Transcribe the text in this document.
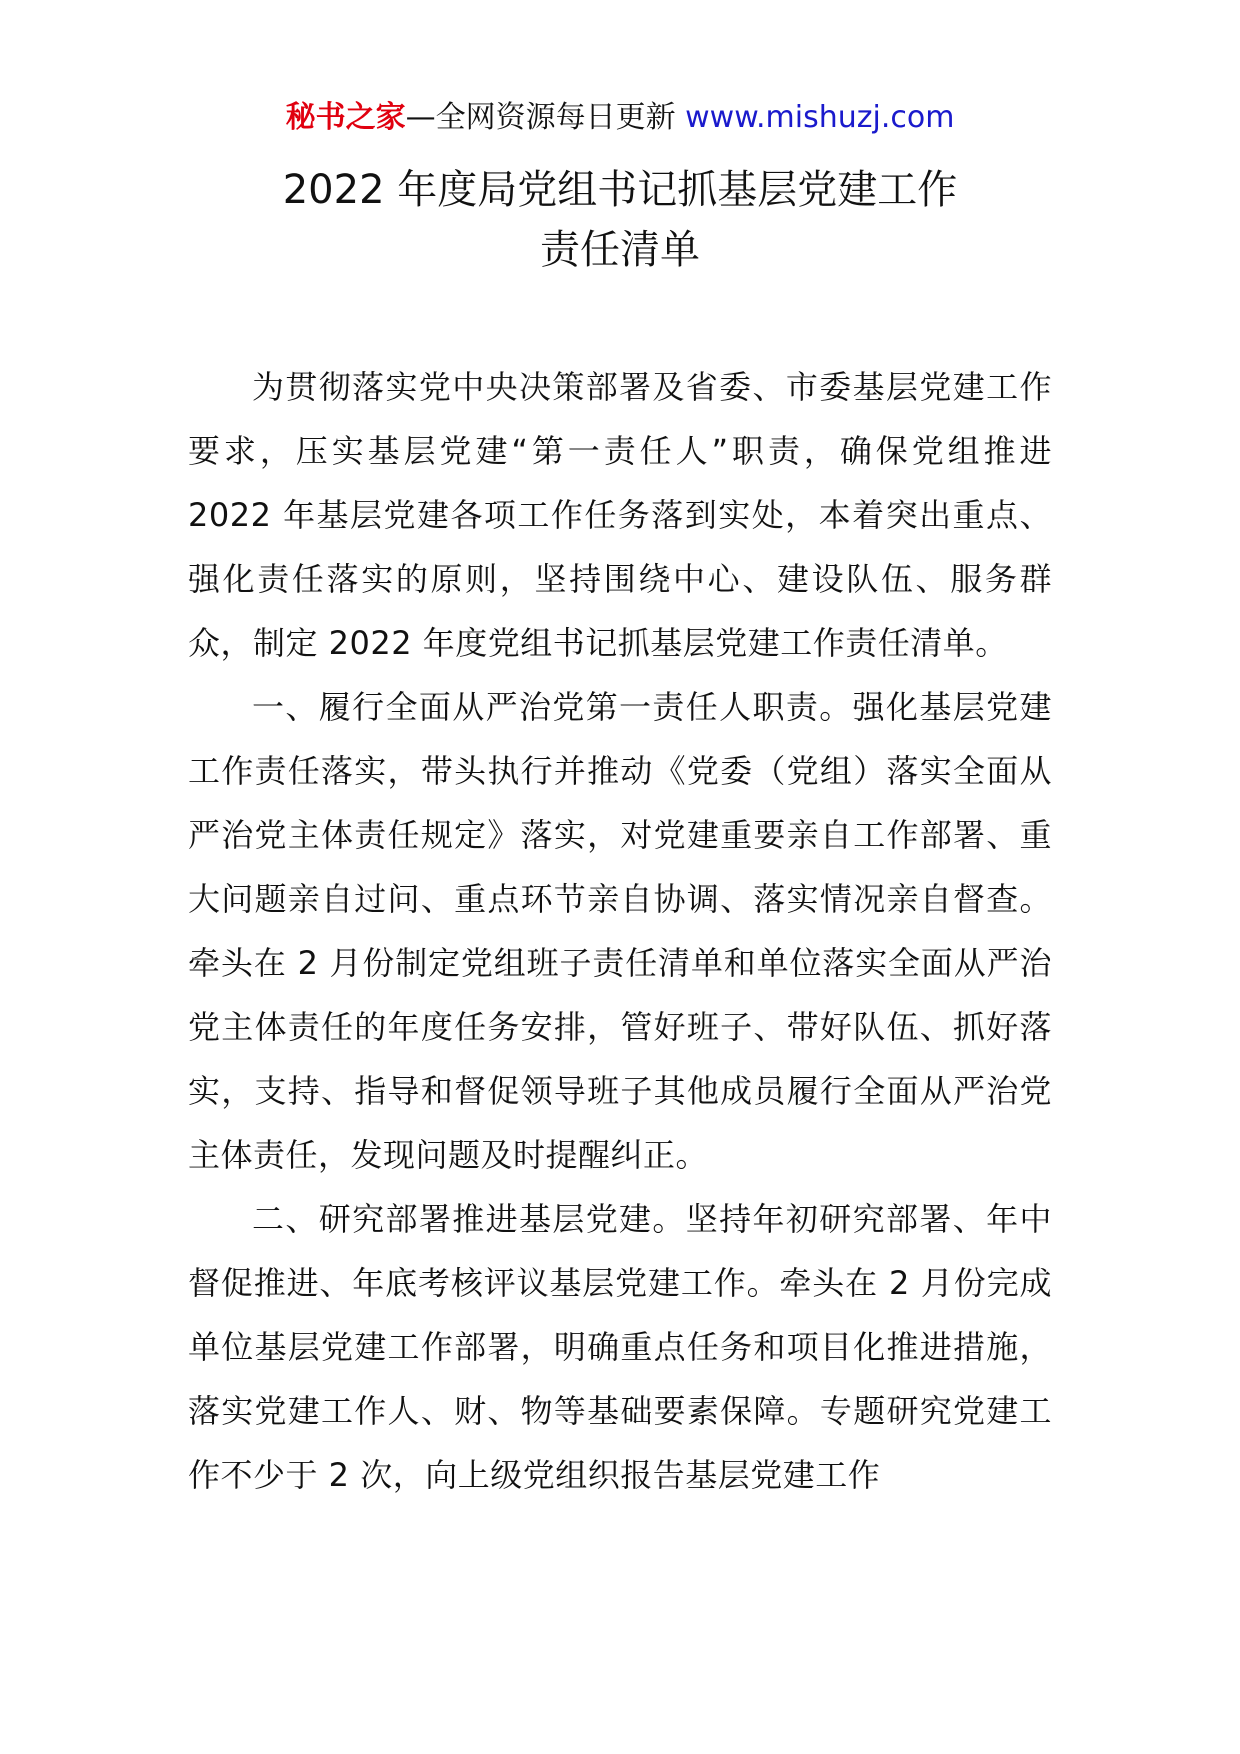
秘书之家—全网资源每日更新 www.mishuzj.com
2022 年度局党组书记抓基层党建工作
责任清单

为贯彻落实党中央决策部署及省委、市委基层党建工作要求，压实基层党建“第一责任人”职责，确保党组推进 2022 年基层党建各项工作任务落到实处，本着突出重点、强化责任落实的原则，坚持围绕中心、建设队伍、服务群众，制定 2022 年度党组书记抓基层党建工作责任清单。

一、履行全面从严治党第一责任人职责。强化基层党建工作责任落实，带头执行并推动《党委（党组）落实全面从严治党主体责任规定》落实，对党建重要亲自工作部署、重大问题亲自过问、重点环节亲自协调、落实情况亲自督查。牵头在 2 月份制定党组班子责任清单和单位落实全面从严治党主体责任的年度任务安排，管好班子、带好队伍、抓好落实，支持、指导和督促领导班子其他成员履行全面从严治党主体责任，发现问题及时提醒纠正。

二、研究部署推进基层党建。坚持年初研究部署、年中督促推进、年底考核评议基层党建工作。牵头在 2 月份完成单位基层党建工作部署，明确重点任务和项目化推进措施，落实党建工作人、财、物等基础要素保障。专题研究党建工作不少于 2 次，向上级党组织报告基层党建工作
